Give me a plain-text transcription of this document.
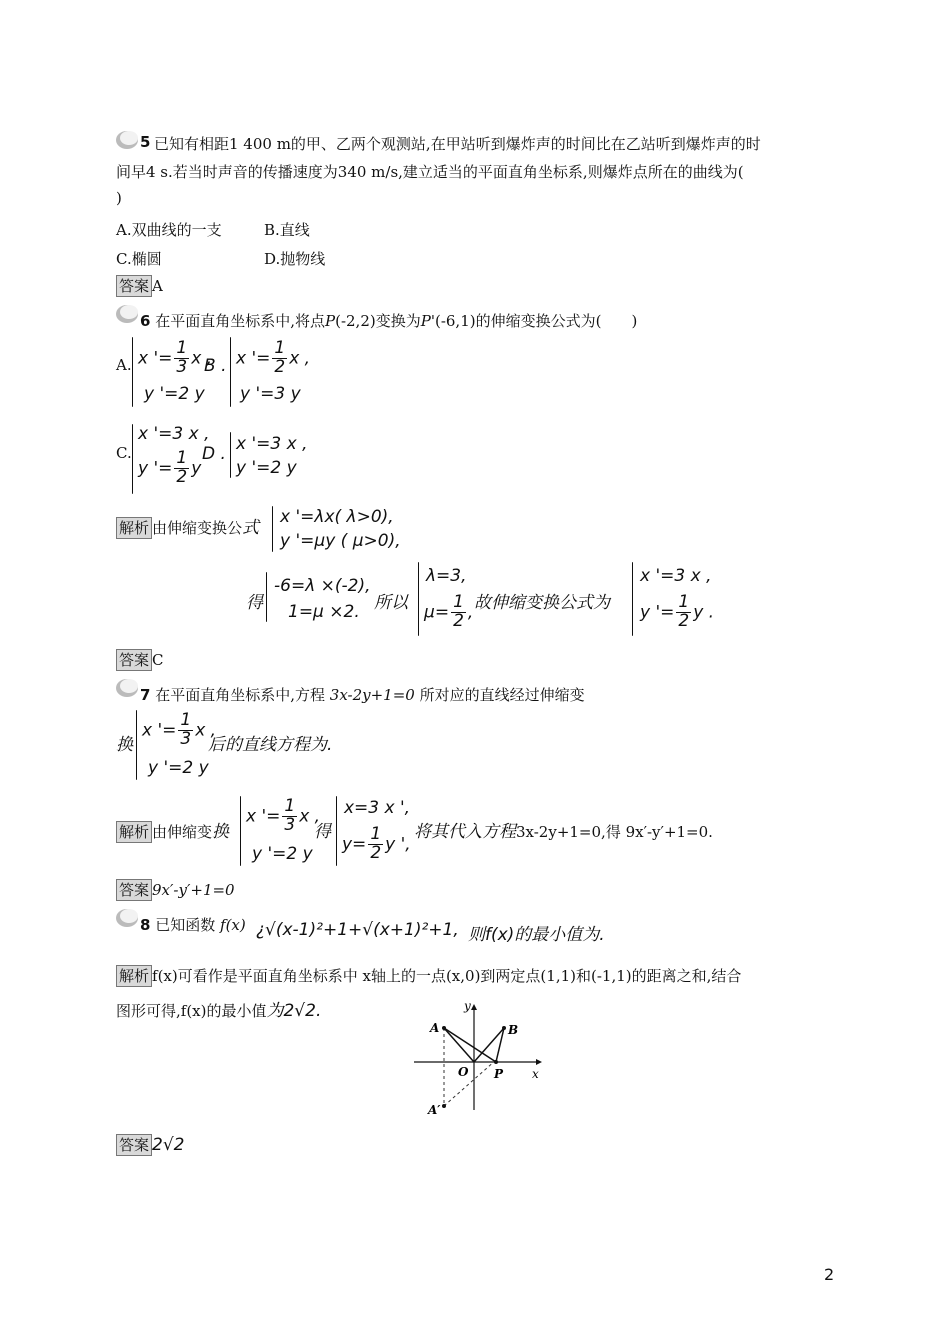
5 已知有相距1 400 m的甲、乙两个观测站,在甲站听到爆炸声的时间比在乙站听到爆炸声的时
间早4 s.若当时声音的传播速度为340 m/s,建立适当的平面直角坐标系,则爆炸点所在的曲线为(
)
A.双曲线的一支	B.直线
C.椭圆	D.抛物线
答案 A
6 在平面直角坐标系中,将点P(-2,2)变换为P'(-6,1)的伸缩变换公式为(　　)
A. x '= $\frac{1}{3}$ x ,
y '=2 y
B . x '= $\frac{1}{2}$ x ,
y '=3 y
C.
x '=3 x ,
y '= $\frac{1}{2}$ y
D . x '=3 x ,
y '=2 y
解析 由伸缩变换公式
x '=λx( λ>0),
y '=μy ( μ>0),
得
-6=λ ×(-2),
1=μ ×2. 所以
λ=3,
$\mu= \frac{1}{2}$ , 故伸缩变换公式为
x '=3 x ,
y '= $\frac{1}{2}$ y .
答案 C
7 在平面直角坐标系中,方程 3x-2y+1=0 所对应的直线经过伸缩变
换
x '= $\frac{1}{3}$ x ,
y '=2 y
后的直线方程为.
解析 由伸缩变换
x '= $\frac{1}{3}$ x ,
y '=2 y
得
x=3 x ',
$y= \frac{1}{2}$ y ',
将其代入方程3x-2y+1=0,得 9x′-y′+1=0.
答案 9x′-y′+1=0
8 已知函数 f(x) ¿√(x-1)²+1+√(x+1)²+1, 则f(x)的最小值为.
解析 f(x)可看作是平面直角坐标系中 x轴上的一点(x,0)到两定点(1,1)和(-1,1)的距离之和,结合
图形可得,f(x)的最小值为2√2.	y
x
A	B
O P
A′
答案 2√2
2
